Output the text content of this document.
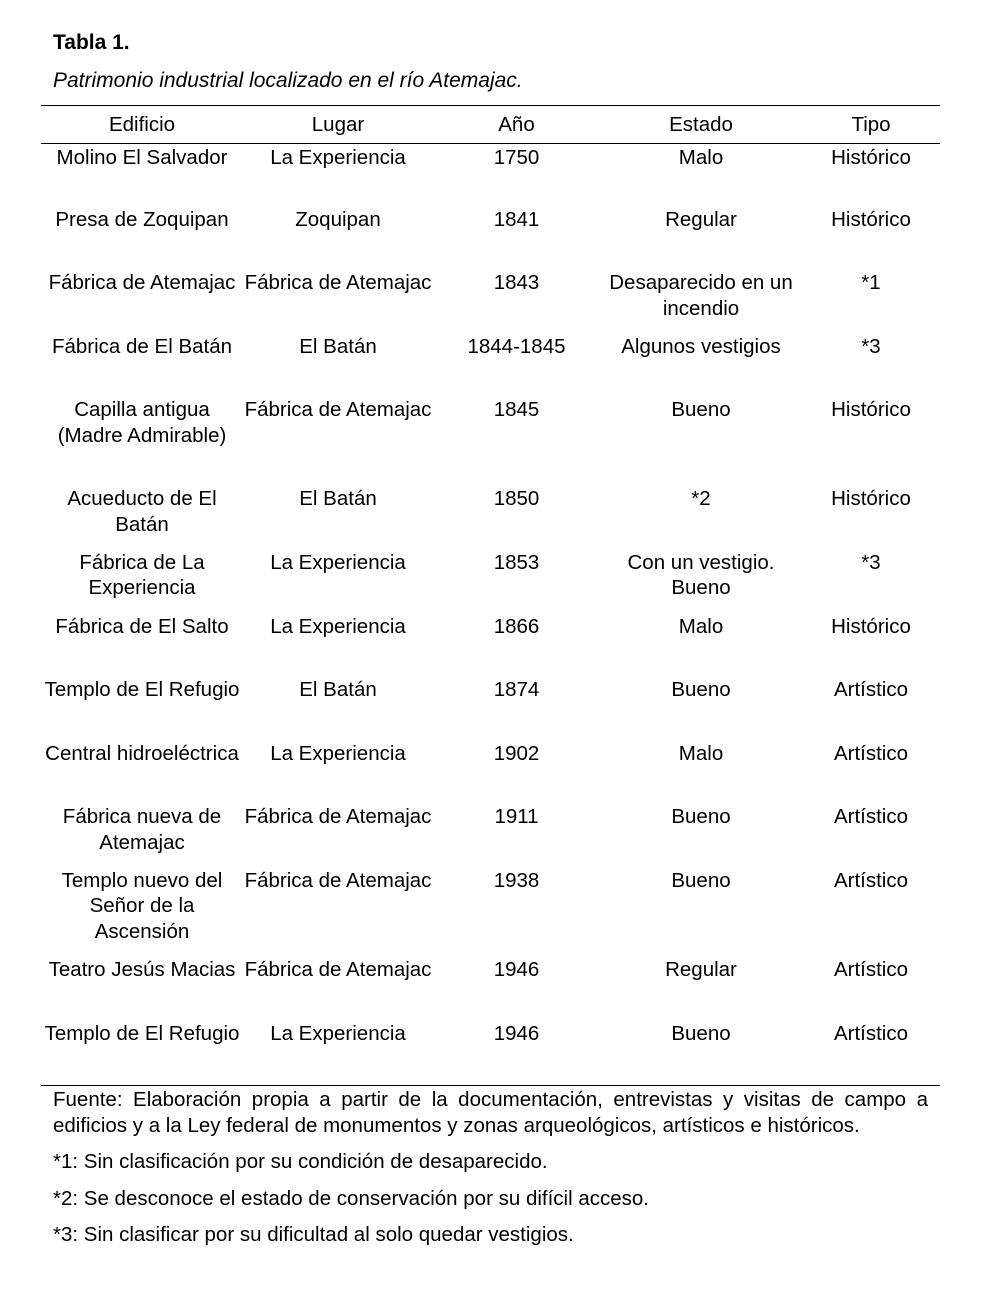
Tabla 1.
Patrimonio industrial localizado en el río Atemajac.
Edificio	Lugar	Año	Estado	Tipo
Molino El Salvador	La Experiencia	1750	Malo	Histórico
Presa de Zoquipan	Zoquipan	1841	Regular	Histórico
Fábrica de Atemajac	Fábrica de Atemajac	1843	Desaparecido en un incendio	*1
Fábrica de El Batán	El Batán	1844-1845	Algunos vestigios	*3
Capilla antigua (Madre Admirable)	Fábrica de Atemajac	1845	Bueno	Histórico
Acueducto de El Batán	El Batán	1850	*2	Histórico
Fábrica de La Experiencia	La Experiencia	1853	Con un vestigio. Bueno	*3
Fábrica de El Salto	La Experiencia	1866	Malo	Histórico
Templo de El Refugio	El Batán	1874	Bueno	Artístico
Central hidroeléctrica	La Experiencia	1902	Malo	Artístico
Fábrica nueva de Atemajac	Fábrica de Atemajac	1911	Bueno	Artístico
Templo nuevo del Señor de la Ascensión	Fábrica de Atemajac	1938	Bueno	Artístico
Teatro Jesús Macias	Fábrica de Atemajac	1946	Regular	Artístico
Templo de El Refugio	La Experiencia	1946	Bueno	Artístico

Fuente: Elaboración propia a partir de la documentación, entrevistas y visitas de campo a edificios y a la Ley federal de monumentos y zonas arqueológicos, artísticos e históricos.

*1: Sin clasificación por su condición de desaparecido.

*2: Se desconoce el estado de conservación por su difícil acceso.

*3: Sin clasificar por su dificultad al solo quedar vestigios.
